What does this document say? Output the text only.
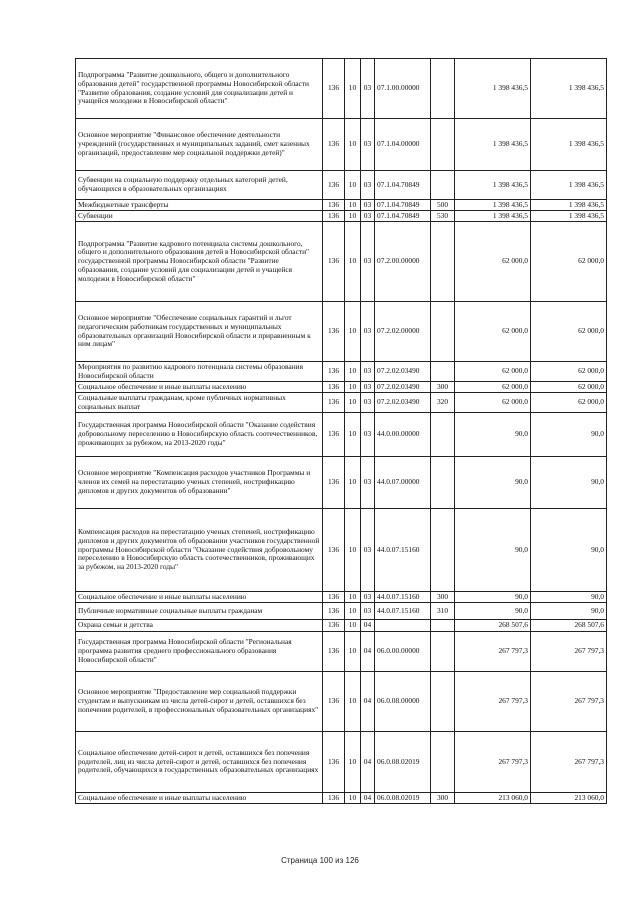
Подпрограмма "Развитие дошкольного, общего и дополнительного образования детей" государственной программы Новосибирской области "Развитие образования, создание условий для социализации детей и учащейся молодежи в Новосибирской области"	136	10	03	07.1.00.00000		1 398 436,5	1 398 436,5
Основное мероприятие "Финансовое обеспечение деятельности учреждений (государственных и муниципальных заданий, смет казенных организаций, предоставление мер социальной поддержки детей)"	136	10	03	07.1.04.00000		1 398 436,5	1 398 436,5
Субвенции на социальную поддержку отдельных категорий детей, обучающихся в образовательных организациях	136	10	03	07.1.04.70849		1 398 436,5	1 398 436,5
Межбюджетные трансферты	136	10	03	07.1.04.70849	500	1 398 436,5	1 398 436,5
Субвенции	136	10	03	07.1.04.70849	530	1 398 436,5	1 398 436,5
Подпрограмма "Развитие кадрового потенциала системы дошкольного, общего и дополнительного образования детей в Новосибирской области" государственной программы Новосибирской области "Развитие образования, создание условий для социализации детей и учащейся молодежи в Новосибирской области"	136	10	03	07.2.00.00000		62 000,0	62 000,0
Основное мероприятие "Обеспечение социальных гарантий и льгот педагогическим работникам государственных и муниципальных образовательных организаций Новосибирской области и приравненным к ним лицам"	136	10	03	07.2.02.00000		62 000,0	62 000,0
Мероприятия по развитию кадрового потенциала системы образования Новосибирской области	136	10	03	07.2.02.03490		62 000,0	62 000,0
Социальное обеспечение и иные выплаты населению	136	10	03	07.2.02.03490	300	62 000,0	62 000,0
Социальные выплаты гражданам, кроме публичных нормативных социальных выплат	136	10	03	07.2.02.03490	320	62 000,0	62 000,0
Государственная программа Новосибирской области "Оказание содействия добровольному переселению в Новосибирскую область соотечественников, проживающих за рубежом, на 2013-2020 годы"	136	10	03	44.0.00.00000		90,0	90,0
Основное мероприятие "Компенсация расходов участников Программы и членов их семей на перестатацию ученых степеней, нострификацию дипломов и других документов об образовании"	136	10	03	44.0.07.00000		90,0	90,0
Компенсация расходов на перестатацию ученых степеней, нострификацию дипломов и других документов об образовании участников государственной программы Новосибирской области "Оказание содействия добровольному переселению в Новосибирскую область соотечественников, проживающих за рубежом, на 2013-2020 годы"	136	10	03	44.0.07.15160		90,0	90,0
Социальное обеспечение и иные выплаты населению	136	10	03	44.0.07.15160	300	90,0	90,0
Публичные нормативные социальные выплаты гражданам	136	10	03	44.0.07.15160	310	90,0	90,0
Охрана семьи и детства	136	10	04			268 507,6	268 507,6
Государственная программа Новосибирской области "Региональная программа развития среднего профессионального образования Новосибирской области"	136	10	04	06.0.00.00000		267 797,3	267 797,3
Основное мероприятие "Предоставление мер социальной поддержки студентам и выпускникам из числа детей-сирот и детей, оставшихся без попечения родителей, в профессиональных образовательных организациях"	136	10	04	06.0.08.00000		267 797,3	267 797,3
Социальное обеспечение детей-сирот и детей, оставшихся без попечения родителей, лиц из числа детей-сирот и детей, оставшихся без попечения родителей, обучающихся в государственных образовательных организациях	136	10	04	06.0.08.02019		267 797,3	267 797,3
Социальное обеспечение и иные выплаты населению	136	10	04	06.0.08.02019	300	213 060,0	213 060,0
Страница 100 из 126
